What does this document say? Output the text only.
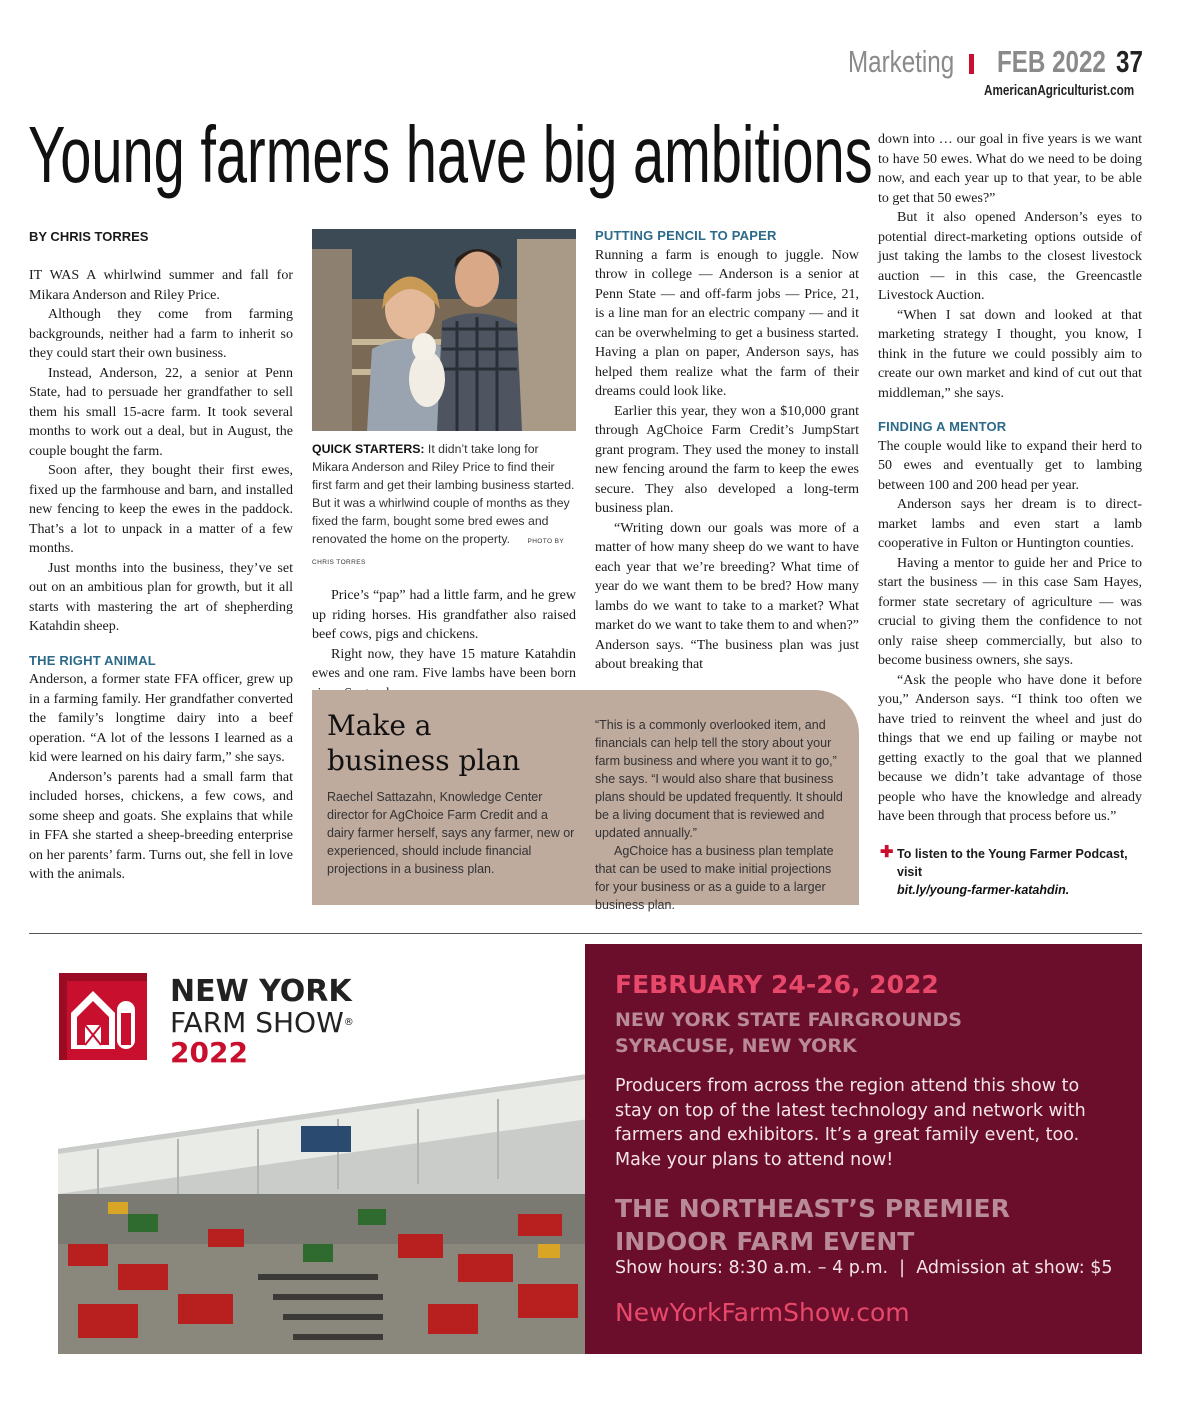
Marketing FEB 2022 37
AmericanAgriculturist.com
Young farmers have big ambitions
BY CHRIS TORRES

IT WAS A whirlwind summer and fall for Mikara Anderson and Riley Price.

Although they come from farming backgrounds, neither had a farm to inherit so they could start their own business.

Instead, Anderson, 22, a senior at Penn State, had to persuade her grandfather to sell them his small 15-acre farm. It took several months to work out a deal, but in August, the couple bought the farm.

Soon after, they bought their first ewes, fixed up the farmhouse and barn, and installed new fencing to keep the ewes in the paddock. That’s a lot to unpack in a matter of a few months.

Just months into the business, they’ve set out on an ambitious plan for growth, but it all starts with mastering the art of shepherding Katahdin sheep.

THE RIGHT ANIMAL

Anderson, a former state FFA officer, grew up in a farming family. Her grandfather converted the family’s longtime dairy into a beef operation. “A lot of the lessons I learned as a kid were learned on his dairy farm,” she says.

Anderson’s parents had a small farm that included horses, chickens, a few cows, and some sheep and goats. She explains that while in FFA she started a sheep-breeding enterprise on her parents’ farm. Turns out, she fell in love with the animals.

QUICK STARTERS: It didn’t take long for Mikara Anderson and Riley Price to find their first farm and get their lambing business started. But it was a whirlwind couple of months as they fixed the farm, bought some bred ewes and renovated the home on the property.	PHOTO BY CHRIS TORRES

Price’s “pap” had a little farm, and he grew up riding horses. His grandfather also raised beef cows, pigs and chickens.

Right now, they have 15 mature Katahdin ewes and one ram. Five lambs have been born

PUTTING PENCIL TO PAPER

Running a farm is enough to juggle. Now throw in college — Anderson is a senior at Penn State — and off-farm jobs — Price, 21, is a line man for an electric company — and it can be overwhelming to get a business started. Having a plan on paper, Anderson says, has helped them realize what the farm of their dreams could look like.

Earlier this year, they won a $10,000 grant through AgChoice Farm Credit’s JumpStart grant program. They used the money to install new fencing around the farm to keep the ewes secure. They also developed a long-term business plan.

“Writing down our goals was more of a matter of how many sheep do we want to have each year that we’re breeding? What time of year do we want them to be bred? How many lambs do we want to take to a market? What market do we want to take them to and when?” Anderson says. “The business plan was just about breaking that

Make a
business plan

Raechel Sattazahn, Knowledge Center director for AgChoice Farm Credit and a dairy farmer herself, says any farmer, new or experienced, should include financial projections in a business plan.

“This is a commonly overlooked item, and financials can help tell the story about your farm business and where you want it to go,” she says. “I would also share that business plans should be updated frequently. It should be a living document that is reviewed and updated annually.”

AgChoice has a business plan template that can be used to make initial projections for your business or as a guide to a larger business plan.

down into … our goal in five years is we want to have 50 ewes. What do we need to be doing now, and each year up to that year, to be able to get that 50 ewes?”

But it also opened Anderson’s eyes to potential direct-marketing options outside of just taking the lambs to the closest livestock auction — in this case, the Greencastle Livestock Auction.

“When I sat down and looked at that marketing strategy I thought, you know, I think in the future we could possibly aim to create our own market and kind of cut out that middleman,” she says.

FINDING A MENTOR

The couple would like to expand their herd to 50 ewes and eventually get to lambing between 100 and 200 head per year.

Anderson says her dream is to direct-market lambs and even start a lamb cooperative in Fulton or Huntington counties.

Having a mentor to guide her and Price to start the business — in this case Sam Hayes, former state secretary of agriculture — was crucial to giving them the confidence to not only raise sheep commercially, but also to become business owners, she says.

“Ask the people who have done it before you,” Anderson says. “I think too often we have tried to reinvent the wheel and just do things that we end up failing or maybe not getting exactly to the goal that we planned because we didn’t take advantage of those people who have the knowledge and already have been through that process before us.”

✚ To listen to the Young Farmer Podcast, visit
bit.ly/young-farmer-katahdin.
NEW YORK
FARM SHOW®
2022
FEBRUARY 24-26, 2022
NEW YORK STATE FAIRGROUNDS
SYRACUSE, NEW YORK
Producers from across the region attend this show to stay on top of the latest technology and network with farmers and exhibitors. It’s a great family event, too. Make your plans to attend now!
THE NORTHEAST’S PREMIER
INDOOR FARM EVENT
Show hours: 8:30 a.m. – 4 p.m.  |  Admission at show: $5
NewYorkFarmShow.com
